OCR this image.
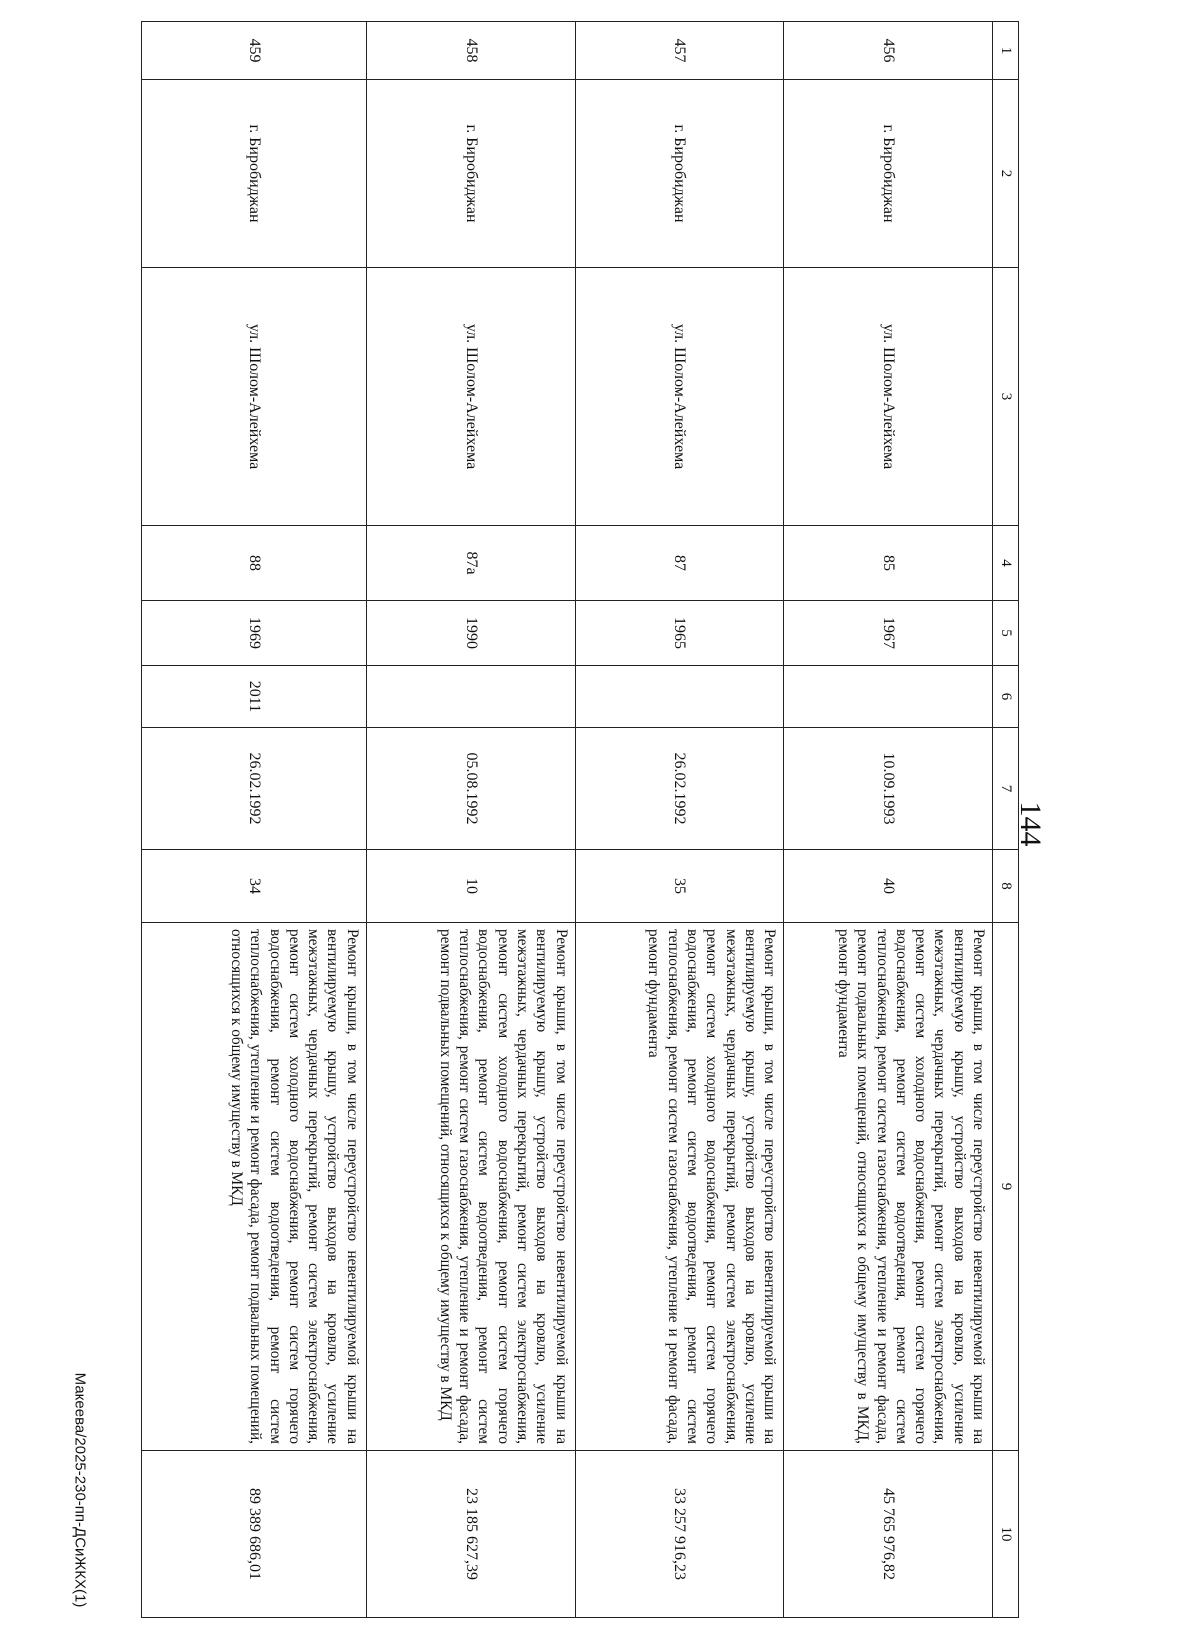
144
1	2	3	4	5	6	7	8	9	10
456	г. Биробиджан	ул. Шолом-Алейхема	85	1967		10.09.1993	40	Ремонт крыши, в том числе переустройство невентилируемой крыши на вентилируемую крышу, устройство выходов на кровлю, усиление межэтажных, чердачных перекрытий, ремонт систем электроснабжения, ремонт систем холодного водоснабжения, ремонт систем горячего водоснабжения, ремонт систем водоотведения, ремонт систем теплоснабжения, ремонт систем газоснабжения, утепление и ремонт фасада, ремонт подвальных помещений, относящихся к общему имуществу в МКД, ремонт фундамента	45 765 976,82
457	г. Биробиджан	ул. Шолом-Алейхема	87	1965		26.02.1992	35	Ремонт крыши, в том числе переустройство невентилируемой крыши на вентилируемую крышу, устройство выходов на кровлю, усиление межэтажных, чердачных перекрытий, ремонт систем электроснабжения, ремонт систем холодного водоснабжения, ремонт систем горячего водоснабжения, ремонт систем водоотведения, ремонт систем теплоснабжения, ремонт систем газоснабжения, утепление и ремонт фасада, ремонт фундамента	33 257 916,23
458	г. Биробиджан	ул. Шолом-Алейхема	87а	1990		05.08.1992	10	Ремонт крыши, в том числе переустройство невентилируемой крыши на вентилируемую крышу, устройство выходов на кровлю, усиление межэтажных, чердачных перекрытий, ремонт систем электроснабжения, ремонт систем холодного водоснабжения, ремонт систем горячего водоснабжения, ремонт систем водоотведения, ремонт систем теплоснабжения, ремонт систем газоснабжения, утепление и ремонт фасада, ремонт подвальных помещений, относящихся к общему имуществу в МКД	23 185 627,39
459	г. Биробиджан	ул. Шолом-Алейхема	88	1969	2011	26.02.1992	34	Ремонт крыши, в том числе переустройство невентилируемой крыши на вентилируемую крышу, устройство выходов на кровлю, усиление межэтажных, чердачных перекрытий, ремонт систем электроснабжения, ремонт систем холодного водоснабжения, ремонт систем горячего водоснабжения, ремонт систем водоотведения, ремонт систем теплоснабжения, утепление и ремонт фасада, ремонт подвальных помещений, относящихся к общему имуществу в МКД	89 389 686,01
Макеева/2025-230-пп-ДСиЖКХ(1)
